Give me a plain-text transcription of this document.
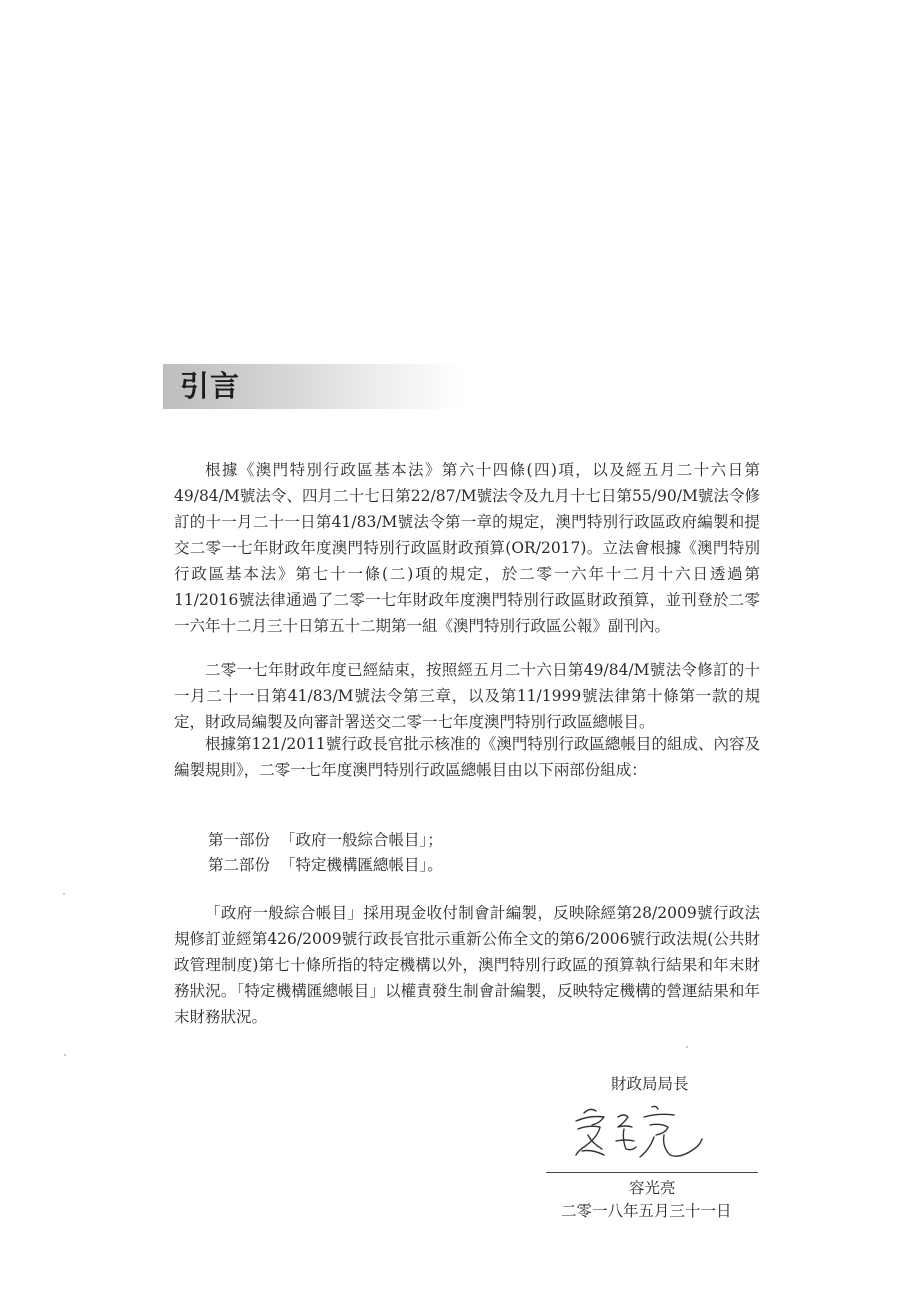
引言

根據《澳門特別行政區基本法》第六十四條(四)項，以及經五月二十六日第49/84/M號法令、四月二十七日第22/87/M號法令及九月十七日第55/90/M號法令修訂的十一月二十一日第41/83/M號法令第一章的規定，澳門特別行政區政府編製和提交二零一七年財政年度澳門特別行政區財政預算(OR/2017)。立法會根據《澳門特別行政區基本法》第七十一條(二)項的規定，於二零一六年十二月十六日透過第11/2016號法律通過了二零一七年財政年度澳門特別行政區財政預算，並刊登於二零一六年十二月三十日第五十二期第一組《澳門特別行政區公報》副刊內。

二零一七年財政年度已經結束，按照經五月二十六日第49/84/M號法令修訂的十一月二十一日第41/83/M號法令第三章，以及第11/1999號法律第十條第一款的規定，財政局編製及向審計署送交二零一七年度澳門特別行政區總帳目。

根據第121/2011號行政長官批示核准的《澳門特別行政區總帳目的組成、內容及編製規則》，二零一七年度澳門特別行政區總帳目由以下兩部份組成：

第一部份 「政府一般綜合帳目」；
第二部份 「特定機構匯總帳目」。

「政府一般綜合帳目」採用現金收付制會計編製，反映除經第28/2009號行政法規修訂並經第426/2009號行政長官批示重新公佈全文的第6/2006號行政法規(公共財政管理制度)第七十條所指的特定機構以外，澳門特別行政區的預算執行結果和年末財務狀況。「特定機構匯總帳目」以權責發生制會計編製，反映特定機構的營運結果和年末財務狀況。

財政局局長
容光亮
二零一八年五月三十一日
